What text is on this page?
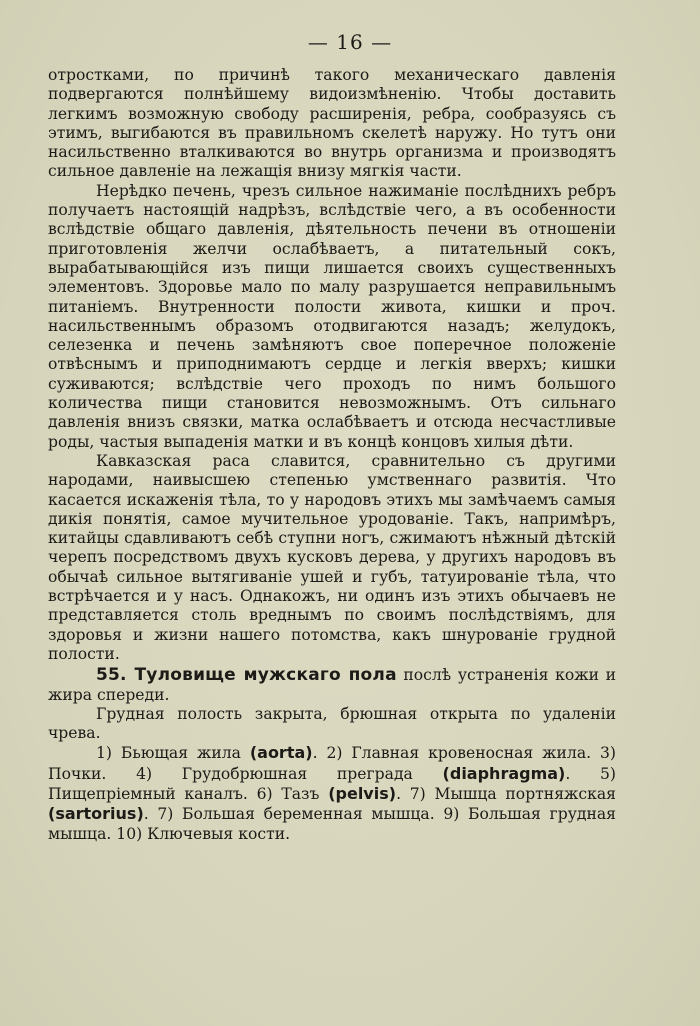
— 16 —

отростками, по причинѣ такого механическаго давленія подвергаются полнѣйшему видоизмѣненію. Чтобы доставить легкимъ возможную свободу расширенія, ребра, сообразуясь съ этимъ, выгибаются въ правильномъ скелетѣ наружу. Но тутъ они насильственно вталкиваются во внутрь организма и производятъ сильное давленіе на лежащія внизу мягкія части.

Нерѣдко печень, чрезъ сильное нажиманіе послѣднихъ ребръ получаетъ настоящій надрѣзъ, вслѣдствіе чего, а въ особенности вслѣдствіе общаго давленія, дѣятельность печени въ отношеніи приготовленія желчи ослабѣваетъ, а питательный сокъ, вырабатывающійся изъ пищи лишается своихъ существенныхъ элементовъ. Здоровье мало по малу разрушается неправильнымъ питаніемъ. Внутренности полости живота, кишки и проч. насильственнымъ образомъ отодвигаются назадъ; желудокъ, селезенка и печень замѣняютъ свое поперечное положеніе отвѣснымъ и приподнимаютъ сердце и легкія вверхъ; кишки суживаются; вслѣдствіе чего проходъ по нимъ большого количества пищи становится невозможнымъ. Отъ сильнаго давленія внизъ связки, матка ослабѣваетъ и отсюда несчастливые роды, частыя выпаденія матки и въ концѣ концовъ хилыя дѣти.

Кавказская раса славится, сравнительно съ другими народами, наивысшею степенью умственнаго развитія. Что касается искаженія тѣла, то у народовъ этихъ мы замѣчаемъ самыя дикія понятія, самое мучительное уродованіе. Такъ, напримѣръ, китайцы сдавливаютъ себѣ ступни ногъ, сжимаютъ нѣжный дѣтскій черепъ посредствомъ двухъ кусковъ дерева, у другихъ народовъ въ обычаѣ сильное вытягиваніе ушей и губъ, татуированіе тѣла, что встрѣчается и у насъ. Однакожъ, ни одинъ изъ этихъ обычаевъ не представляется столь вреднымъ по своимъ послѣдствіямъ, для здоровья и жизни нашего потомства, какъ шнурованіе грудной полости.

55. Туловище мужскаго пола послѣ устраненія кожи и жира спереди.

Грудная полость закрыта, брюшная открыта по удаленіи чрева.

1) Бьющая жила (aorta). 2) Главная кровеносная жила. 3) Почки. 4) Грудобрюшная преграда (diaphragma). 5) Пищепріемный каналъ. 6) Тазъ (pelvis). 7) Мышца портняжская (sartorius). 7) Большая беременная мышца. 9) Большая грудная мышца. 10) Ключевыя кости.
